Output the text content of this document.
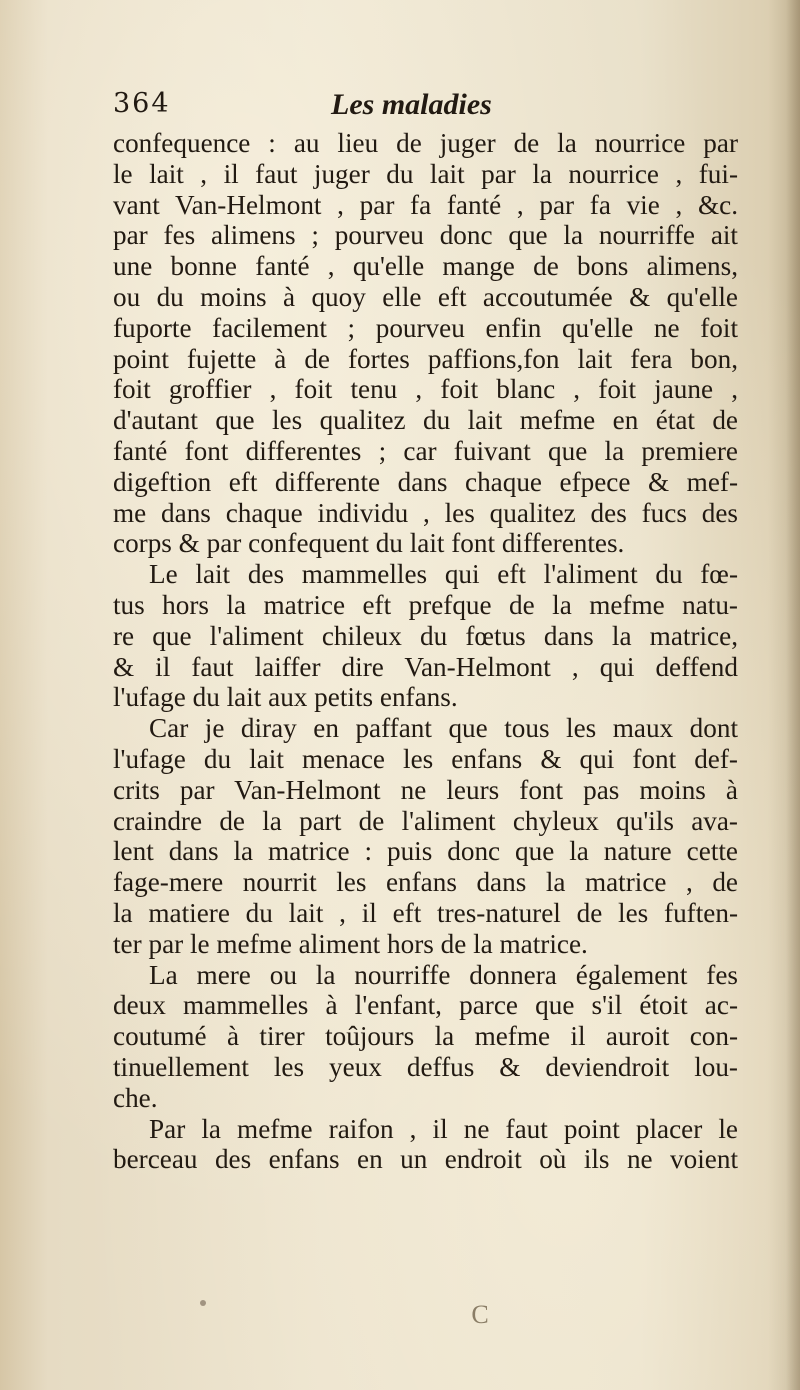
364	Les maladies
confequence : au lieu de juger de la nourrice par
le lait , il faut juger du lait par la nourrice , fui-
vant Van-Helmont , par fa fanté , par fa vie , &c.
par fes alimens ; pourveu donc que la nourriffe ait
une bonne fanté , qu'elle mange de bons alimens,
ou du moins à quoy elle eft accoutumée & qu'elle
fuporte facilement ; pourveu enfin qu'elle ne foit
point fujette à de fortes paffions,fon lait fera bon,
foit groffier , foit tenu , foit blanc , foit jaune ,
d'autant que les qualitez du lait mefme en état de
fanté font differentes ; car fuivant que la premiere
digeftion eft differente dans chaque efpece & mef-
me dans chaque individu , les qualitez des fucs des
corps & par confequent du lait font differentes.
Le lait des mammelles qui eft l'aliment du fœ-
tus hors la matrice eft prefque de la mefme natu-
re que l'aliment chileux du fœtus dans la matrice,
& il faut laiffer dire Van-Helmont , qui deffend
l'ufage du lait aux petits enfans.
Car je diray en paffant que tous les maux dont
l'ufage du lait menace les enfans & qui font def-
crits par Van-Helmont ne leurs font pas moins à
craindre de la part de l'aliment chyleux qu'ils ava-
lent dans la matrice : puis donc que la nature cette
fage-mere nourrit les enfans dans la matrice , de
la matiere du lait , il eft tres-naturel de les fuften-
ter par le mefme aliment hors de la matrice.
La mere ou la nourriffe donnera également fes
deux mammelles à l'enfant, parce que s'il étoit ac-
coutumé à tirer toûjours la mefme il auroit con-
tinuellement les yeux deffus & deviendroit lou-
che.
Par la mefme raifon , il ne faut point placer le
berceau des enfans en un endroit où ils ne voient
C
